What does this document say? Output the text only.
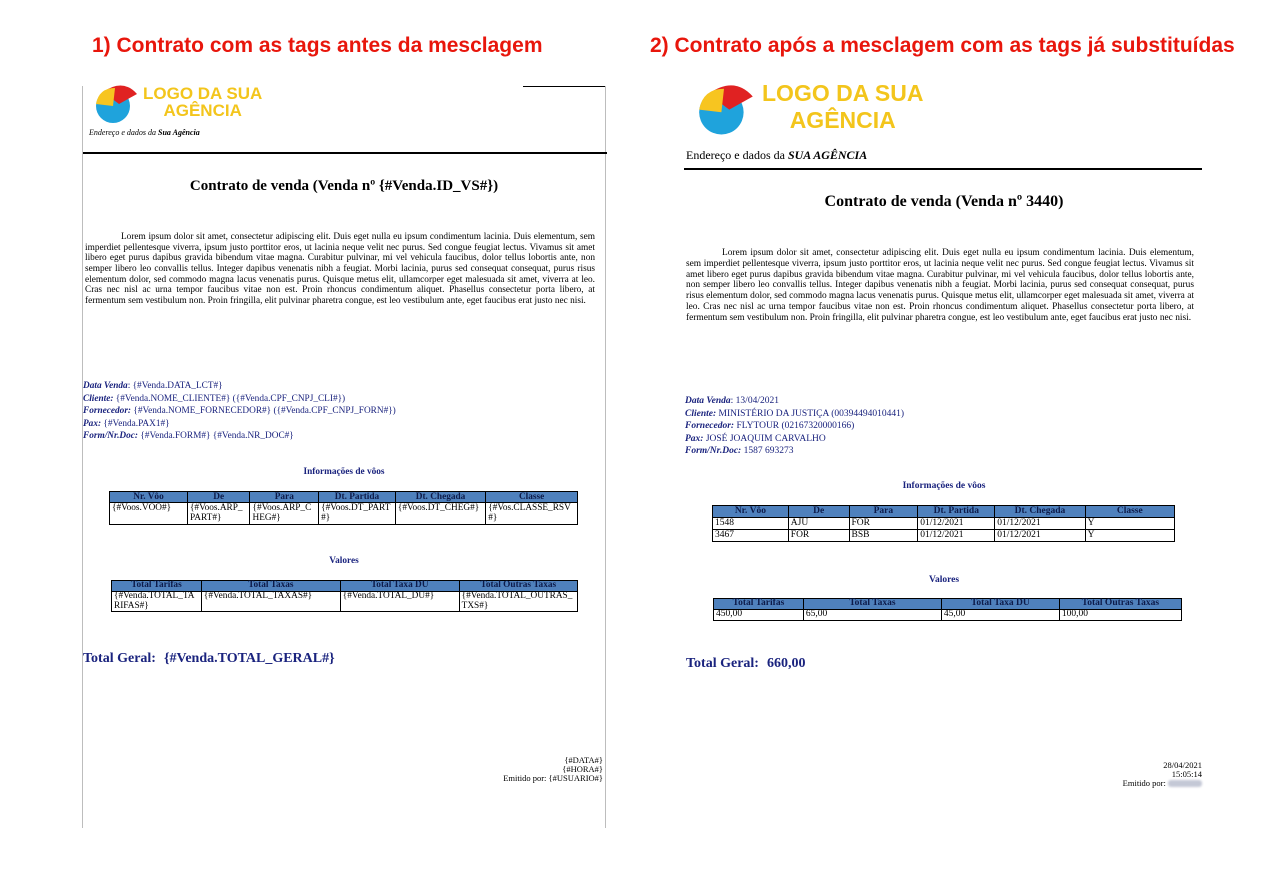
1) Contrato com as tags antes da mesclagem	2) Contrato após a mesclagem com as tags já substituídas
LOGO DA SUA
AGÊNCIA
Endereço e dados da Sua Agência
Contrato de venda (Venda nº {#Venda.ID_VS#})
Lorem ipsum dolor sit amet, consectetur adipiscing elit. Duis eget nulla eu ipsum condimentum lacinia. Duis elementum, sem imperdiet pellentesque viverra, ipsum justo porttitor eros, ut lacinia neque velit nec purus. Sed congue feugiat lectus. Vivamus sit amet libero eget purus dapibus gravida bibendum vitae magna. Curabitur pulvinar, mi vel vehicula faucibus, dolor tellus lobortis ante, non semper libero leo convallis tellus. Integer dapibus venenatis nibh a feugiat. Morbi lacinia, purus sed consequat consequat, purus risus elementum dolor, sed commodo magna lacus venenatis purus. Quisque metus elit, ullamcorper eget malesuada sit amet, viverra at leo. Cras nec nisl ac urna tempor faucibus vitae non est. Proin rhoncus condimentum aliquet. Phasellus consectetur porta libero, at fermentum sem vestibulum non. Proin fringilla, elit pulvinar pharetra congue, est leo vestibulum ante, eget faucibus erat justo nec nisi.
Data Venda: {#Venda.DATA_LCT#}
Cliente: {#Venda.NOME_CLIENTE#} ({#Venda.CPF_CNPJ_CLI#})
Fornecedor: {#Venda.NOME_FORNECEDOR#} ({#Venda.CPF_CNPJ_FORN#})
Pax: {#Venda.PAX1#}
Form/Nr.Doc: {#Venda.FORM#} {#Venda.NR_DOC#}
Informações de vôos
Nr. Vôo	De	Para	Dt. Partida	Dt. Chegada	Classe
{#Voos.VOO#}	{#Voos.ARP_PART#}	{#Voos.ARP_CHEG#}	{#Voos.DT_PART#}	{#Voos.DT_CHEG#}	{#Vos.CLASSE_RSV#}
Valores
Total Tarifas	Total Taxas	Total Taxa DU	Total Outras Taxas
{#Venda.TOTAL_TARIFAS#}	{#Venda.TOTAL_TAXAS#}	{#Venda.TOTAL_DU#}	{#Venda.TOTAL_OUTRAS_TXS#}
Total Geral: {#Venda.TOTAL_GERAL#}
{#DATA#}
{#HORA#}
Emitido por: {#USUARIO#}
LOGO DA SUA
AGÊNCIA
Endereço e dados da SUA AGÊNCIA
Contrato de venda (Venda nº 3440)
Lorem ipsum dolor sit amet, consectetur adipiscing elit. Duis eget nulla eu ipsum condimentum lacinia. Duis elementum, sem imperdiet pellentesque viverra, ipsum justo porttitor eros, ut lacinia neque velit nec purus. Sed congue feugiat lectus. Vivamus sit amet libero eget purus dapibus gravida bibendum vitae magna. Curabitur pulvinar, mi vel vehicula faucibus, dolor tellus lobortis ante, non semper libero leo convallis tellus. Integer dapibus venenatis nibh a feugiat. Morbi lacinia, purus sed consequat consequat, purus risus elementum dolor, sed commodo magna lacus venenatis purus. Quisque metus elit, ullamcorper eget malesuada sit amet, viverra at leo. Cras nec nisl ac urna tempor faucibus vitae non est. Proin rhoncus condimentum aliquet. Phasellus consectetur porta libero, at fermentum sem vestibulum non. Proin fringilla, elit pulvinar pharetra congue, est leo vestibulum ante, eget faucibus erat justo nec nisi.
Data Venda: 13/04/2021
Cliente: MINISTÉRIO DA JUSTIÇA (00394494010441)
Fornecedor: FLYTOUR (02167320000166)
Pax: JOSÉ JOAQUIM CARVALHO
Form/Nr.Doc: 1587 693273
Informações de vôos
Nr. Vôo	De	Para	Dt. Partida	Dt. Chegada	Classe
1548	AJU	FOR	01/12/2021	01/12/2021	Y
3467	FOR	BSB	01/12/2021	01/12/2021	Y
Valores
Total Tarifas	Total Taxas	Total Taxa DU	Total Outras Taxas
450,00	65,00	45,00	100,00
Total Geral: 660,00
28/04/2021
15:05:14
Emitido por:
